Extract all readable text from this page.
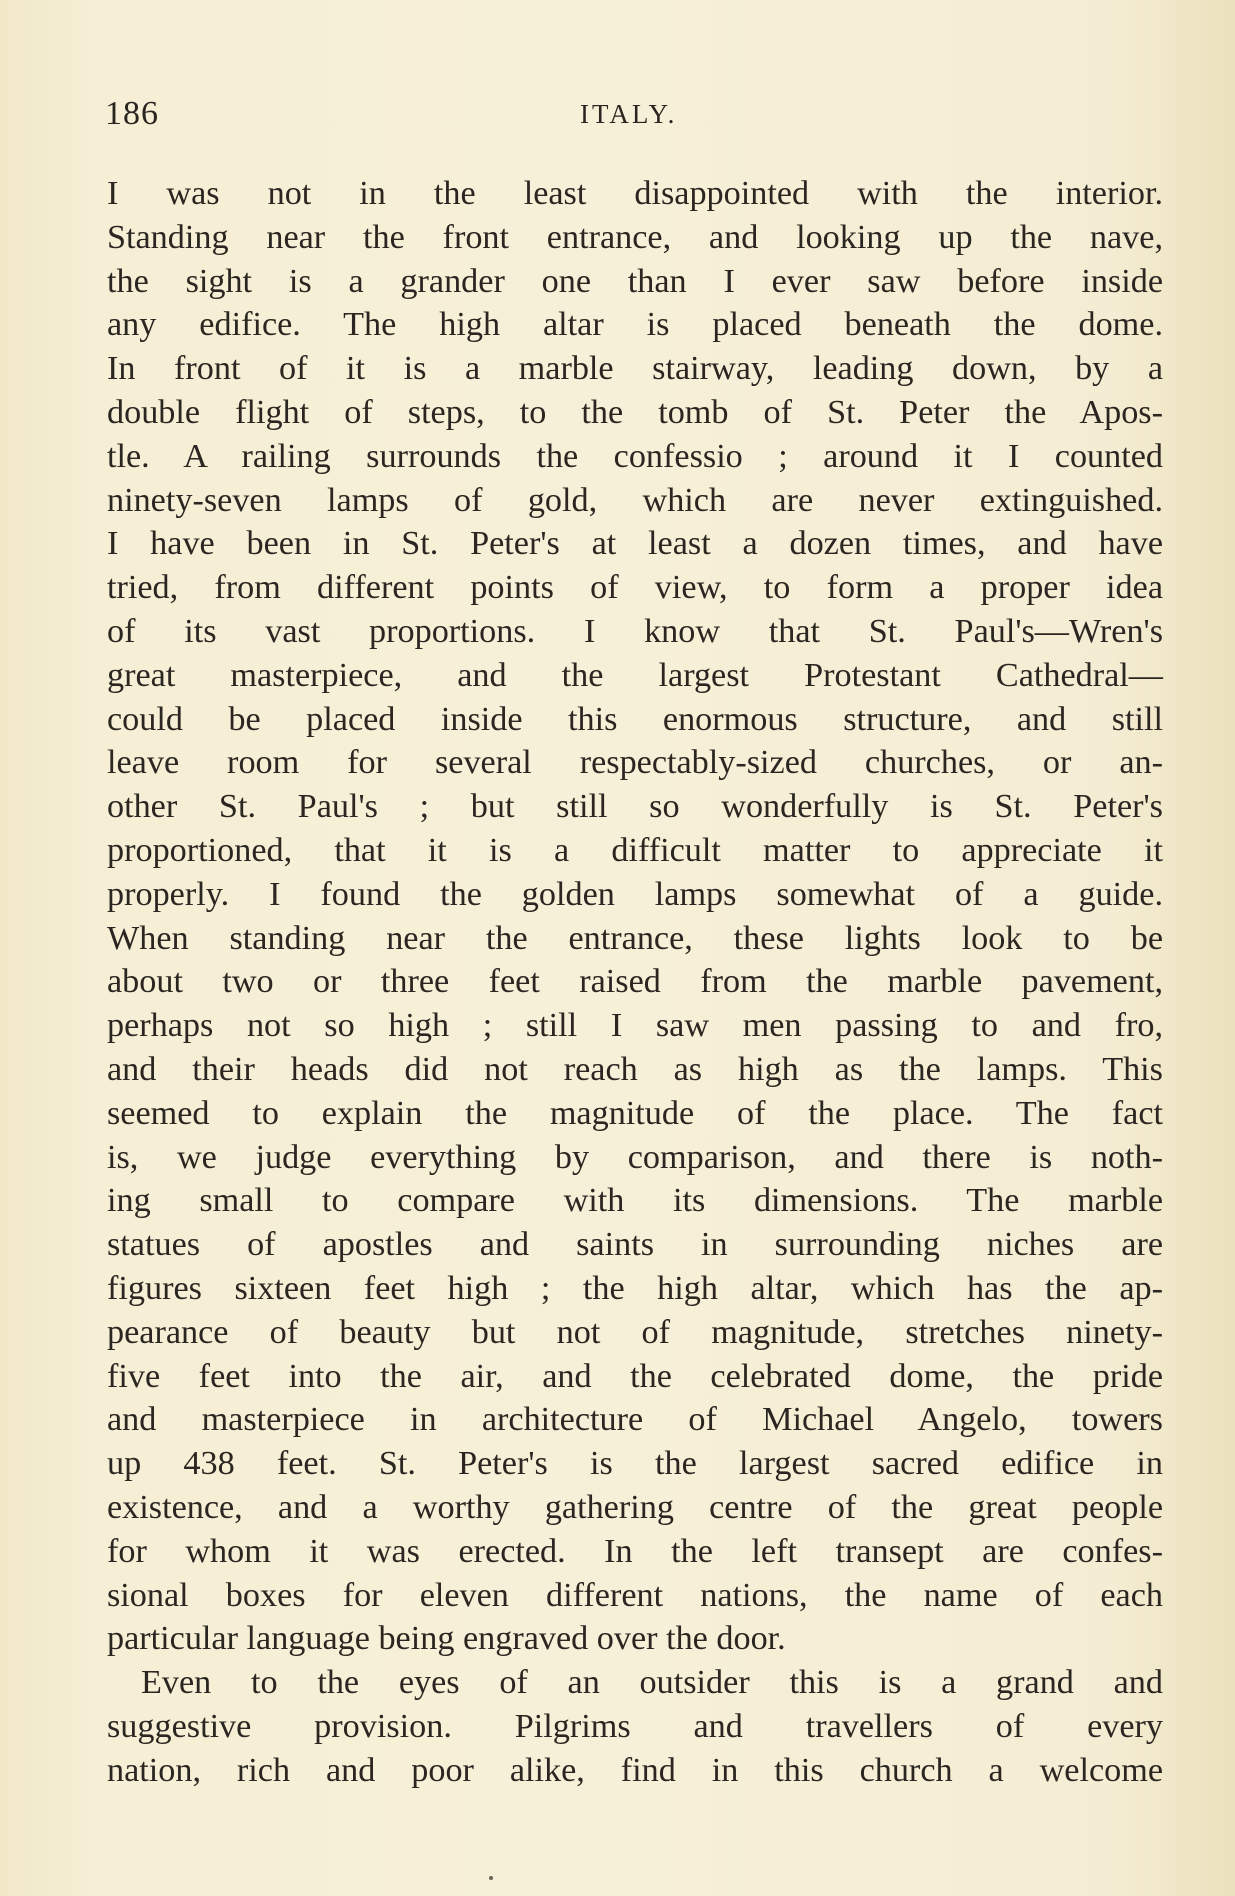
186	ITALY.
I was not in the least disappointed with the interior.
Standing near the front entrance, and looking up the nave,
the sight is a grander one than I ever saw before inside
any edifice. The high altar is placed beneath the dome.
In front of it is a marble stairway, leading down, by a
double flight of steps, to the tomb of St. Peter the Apos-
tle. A railing surrounds the confessio ; around it I counted
ninety-seven lamps of gold, which are never extinguished.
I have been in St. Peter's at least a dozen times, and have
tried, from different points of view, to form a proper idea
of its vast proportions. I know that St. Paul's—Wren's
great masterpiece, and the largest Protestant Cathedral—
could be placed inside this enormous structure, and still
leave room for several respectably-sized churches, or an-
other St. Paul's ; but still so wonderfully is St. Peter's
proportioned, that it is a difficult matter to appreciate it
properly. I found the golden lamps somewhat of a guide.
When standing near the entrance, these lights look to be
about two or three feet raised from the marble pavement,
perhaps not so high ; still I saw men passing to and fro,
and their heads did not reach as high as the lamps. This
seemed to explain the magnitude of the place. The fact
is, we judge everything by comparison, and there is noth-
ing small to compare with its dimensions. The marble
statues of apostles and saints in surrounding niches are
figures sixteen feet high ; the high altar, which has the ap-
pearance of beauty but not of magnitude, stretches ninety-
five feet into the air, and the celebrated dome, the pride
and masterpiece in architecture of Michael Angelo, towers
up 438 feet. St. Peter's is the largest sacred edifice in
existence, and a worthy gathering centre of the great people
for whom it was erected. In the left transept are confes-
sional boxes for eleven different nations, the name of each
particular language being engraved over the door.
Even to the eyes of an outsider this is a grand and
suggestive provision. Pilgrims and travellers of every
nation, rich and poor alike, find in this church a welcome
